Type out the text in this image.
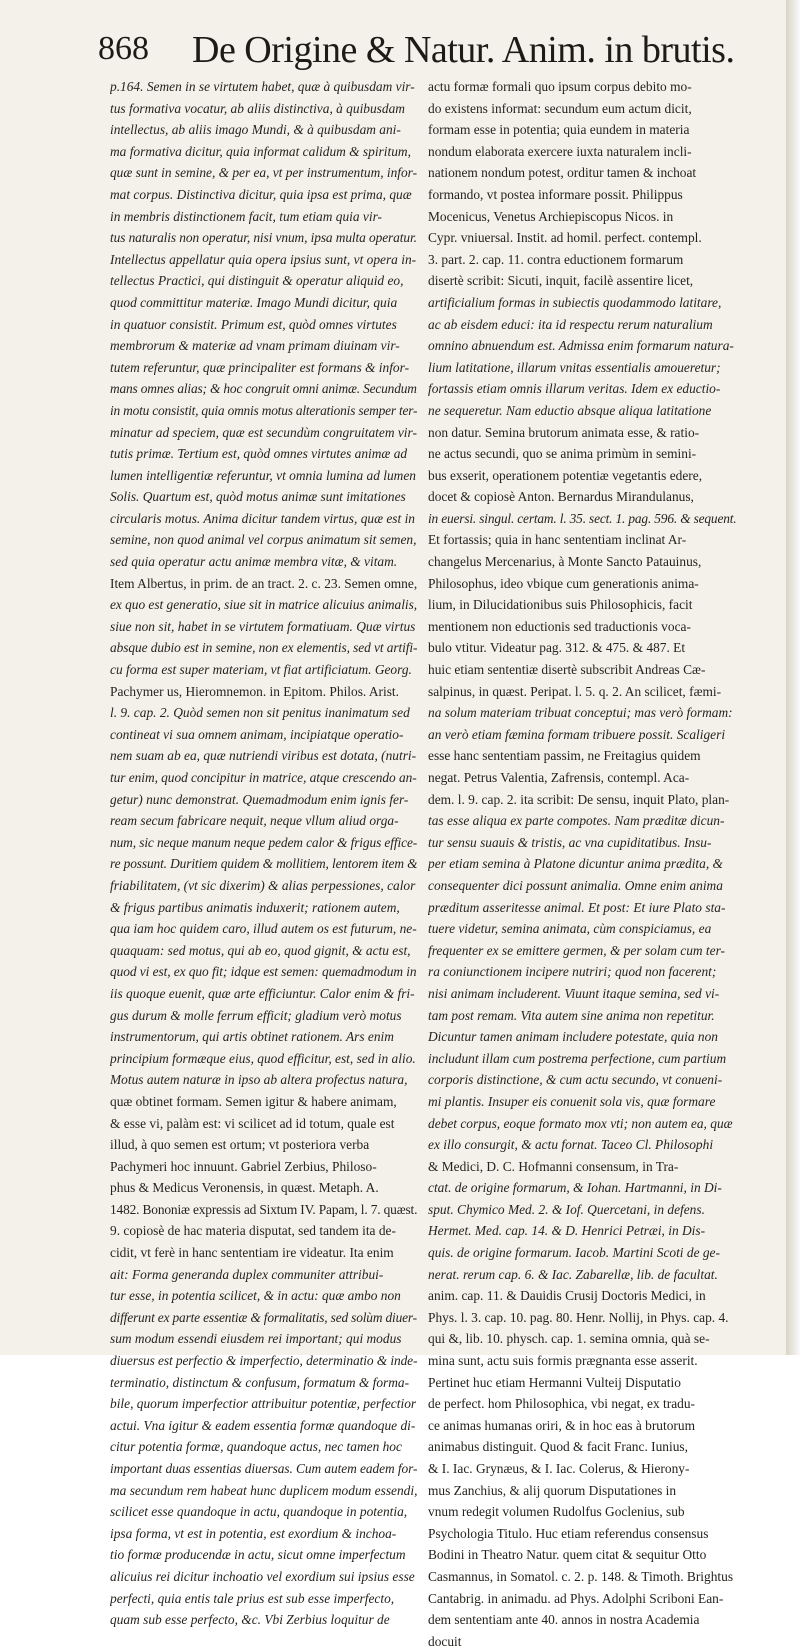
868 De Origine & Natur. Anim. in brutis.
p.164. Semen in se virtutem habet, quæ à quibusdam vir-
tus formativa vocatur, ab aliis distinctiva, à quibusdam
intellectus, ab aliis imago Mundi, & à quibusdam ani-
ma formativa dicitur, quia informat calidum & spiritum,
quæ sunt in semine, & per ea, vt per instrumentum, infor-
mat corpus. Distinctiva dicitur, quia ipsa est prima, quæ
in membris distinctionem facit, tum etiam quia vir-
tus naturalis non operatur, nisi vnum, ipsa multa operatur.
Intellectus appellatur quia opera ipsius sunt, vt opera in-
tellectus Practici, qui distinguit & operatur aliquid eo,
quod committitur materiæ. Imago Mundi dicitur, quia
in quatuor consistit. Primum est, quòd omnes virtutes
membrorum & materiæ ad vnam primam diuinam vir-
tutem referuntur, quæ principaliter est formans & infor-
mans omnes alias; & hoc congruit omni animæ. Secundum
in motu consistit, quia omnis motus alterationis semper ter-
minatur ad speciem, quæ est secundùm congruitatem vir-
tutis primæ. Tertium est, quòd omnes virtutes animæ ad
lumen intelligentiæ referuntur, vt omnia lumina ad lumen
Solis. Quartum est, quòd motus animæ sunt imitationes
circularis motus. Anima dicitur tandem virtus, quæ est in
semine, non quod animal vel corpus animatum sit semen,
sed quia operatur actu animæ membra vitæ, & vitam.
Item Albertus, in prim. de an tract. 2. c. 23. Semen omne,
ex quo est generatio, siue sit in matrice alicuius animalis,
siue non sit, habet in se virtutem formatiuam. Quæ virtus
absque dubio est in semine, non ex elementis, sed vt artifi-
cu forma est super materiam, vt fiat artificiatum. Georg.
Pachymer us, Hieromnemon. in Epitom. Philos. Arist.
l. 9. cap. 2. Quòd semen non sit penitus inanimatum sed
contineat vi sua omnem animam, incipiatque operatio-
nem suam ab ea, quæ nutriendi viribus est dotata, (nutri-
tur enim, quod concipitur in matrice, atque crescendo an-
getur) nunc demonstrat. Quemadmodum enim ignis fer-
ream secum fabricare nequit, neque vllum aliud orga-
num, sic neque manum neque pedem calor & frigus effice-
re possunt. Duritiem quidem & mollitiem, lentorem item &
friabilitatem, (vt sic dixerim) & alias perpessiones, calor
& frigus partibus animatis induxerit; rationem autem,
qua iam hoc quidem caro, illud autem os est futurum, ne-
quaquam: sed motus, qui ab eo, quod gignit, & actu est,
quod vi est, ex quo fit; idque est semen: quemadmodum in
iis quoque euenit, quæ arte efficiuntur. Calor enim & fri-
gus durum & molle ferrum efficit; gladium verò motus
instrumentorum, qui artis obtinet rationem. Ars enim
principium formæque eius, quod efficitur, est, sed in alio.
Motus autem naturæ in ipso ab altera profectus natura,
quæ obtinet formam. Semen igitur & habere animam,
& esse vi, palàm est: vi scilicet ad id totum, quale est
illud, à quo semen est ortum; vt posteriora verba
Pachymeri hoc innuunt. Gabriel Zerbius, Philoso-
phus & Medicus Veronensis, in quæst. Metaph. A.
1482. Bononiæ expressis ad Sixtum IV. Papam, l. 7. quæst.
9. copiosè de hac materia disputat, sed tandem ita de-
cidit, vt ferè in hanc sententiam ire videatur. Ita enim
ait: Forma generanda duplex communiter attribui-
tur esse, in potentia scilicet, & in actu: quæ ambo non
differunt ex parte essentiæ & formalitatis, sed solùm diuer-
sum modum essendi eiusdem rei important; qui modus
diuersus est perfectio & imperfectio, determinatio & inde-
terminatio, distinctum & confusum, formatum & forma-
bile, quorum imperfectior attribuitur potentiæ, perfectior
actui. Vna igitur & eadem essentia formæ quandoque di-
citur potentia formæ, quandoque actus, nec tamen hoc
important duas essentias diuersas. Cum autem eadem for-
ma secundum rem habeat hunc duplicem modum essendi,
scilicet esse quandoque in actu, quandoque in potentia,
ipsa forma, vt est in potentia, est exordium & inchoa-
tio formæ producendæ in actu, sicut omne imperfectum
alicuius rei dicitur inchoatio vel exordium sui ipsius esse
perfecti, quia entis tale prius est sub esse imperfecto,
quam sub esse perfecto, &c. Vbi Zerbius loquitur de
actu formæ formali quo ipsum corpus debito mo-
do existens informat: secundum eum actum dicit,
formam esse in potentia; quia eundem in materia
nondum elaborata exercere iuxta naturalem incli-
nationem nondum potest, orditur tamen & inchoat
formando, vt postea informare possit. Philippus
Mocenicus, Venetus Archiepiscopus Nicos. in
Cypr. vniuersal. Instit. ad homil. perfect. contempl.
3. part. 2. cap. 11. contra eductionem formarum
disertè scribit: Sicuti, inquit, facilè assentire licet,
artificialium formas in subiectis quodammodo latitare,
ac ab eisdem educi: ita id respectu rerum naturalium
omnino abnuendum est. Admissa enim formarum natura-
lium latitatione, illarum vnitas essentialis amoueretur;
fortassis etiam omnis illarum veritas. Idem ex eductio-
ne sequeretur. Nam eductio absque aliqua latitatione
non datur. Semina brutorum animata esse, & ratio-
ne actus secundi, quo se anima primùm in semini-
bus exserit, operationem potentiæ vegetantis edere,
docet & copiosè Anton. Bernardus Mirandulanus,
in euersi. singul. certam. l. 35. sect. 1. pag. 596. & sequent.
Et fortassis; quia in hanc sententiam inclinat Ar-
changelus Mercenarius, à Monte Sancto Patauinus,
Philosophus, ideo vbique cum generationis anima-
lium, in Dilucidationibus suis Philosophicis, facit
mentionem non eductionis sed traductionis voca-
bulo vtitur. Videatur pag. 312. & 475. & 487. Et
huic etiam sententiæ disertè subscribit Andreas Cæ-
salpinus, in quæst. Peripat. l. 5. q. 2. An scilicet, fæmi-
na solum materiam tribuat conceptui; mas verò formam:
an verò etiam fæmina formam tribuere possit. Scaligeri
esse hanc sententiam passim, ne Freitagius quidem
negat. Petrus Valentia, Zafrensis, contempl. Aca-
dem. l. 9. cap. 2. ita scribit: De sensu, inquit Plato, plan-
tas esse aliqua ex parte compotes. Nam præditæ dicun-
tur sensu suauis & tristis, ac vna cupiditatibus. Insu-
per etiam semina à Platone dicuntur anima prædita, &
consequenter dici possunt animalia. Omne enim anima
præditum asseritesse animal. Et post: Et iure Plato sta-
tuere videtur, semina animata, cùm conspiciamus, ea
frequenter ex se emittere germen, & per solam cum ter-
ra coniunctionem incipere nutriri; quod non facerent;
nisi animam includerent. Viuunt itaque semina, sed vi-
tam post remam. Vita autem sine anima non repetitur.
Dicuntur tamen animam includere potestate, quia non
includunt illam cum postrema perfectione, cum partium
corporis distinctione, & cum actu secundo, vt conueni-
mi plantis. Insuper eis conuenit sola vis, quæ formare
debet corpus, eoque formato mox vti; non autem ea, quæ
ex illo consurgit, & actu fornat. Taceo Cl. Philosophi
& Medici, D. C. Hofmanni consensum, in Tra-
ctat. de origine formarum, & Iohan. Hartmanni, in Di-
sput. Chymico Med. 2. & Iof. Quercetani, in defens.
Hermet. Med. cap. 14. & D. Henrici Petræi, in Dis-
quis. de origine formarum. Iacob. Martini Scoti de ge-
nerat. rerum cap. 6. & Iac. Zabarellæ, lib. de facultat.
anim. cap. 11. & Dauidis Crusij Doctoris Medici, in
Phys. l. 3. cap. 10. pag. 80. Henr. Nollij, in Phys. cap. 4.
qui &, lib. 10. physch. cap. 1. semina omnia, quà se-
mina sunt, actu suis formis prægnanta esse asserit.
Pertinet huc etiam Hermanni Vulteij Disputatio
de perfect. hom Philosophica, vbi negat, ex tradu-
ce animas humanas oriri, & in hoc eas à brutorum
animabus distinguit. Quod & facit Franc. Iunius,
& I. Iac. Grynæus, & I. Iac. Colerus, & Hierony-
mus Zanchius, & alij quorum Disputationes in
vnum redegit volumen Rudolfus Goclenius, sub
Psychologia Titulo. Huc etiam referendus consensus
Bodini in Theatro Natur. quem citat & sequitur Otto
Casmannus, in Somatol. c. 2. p. 148. & Timoth. Brightus
Cantabrig. in animadu. ad Phys. Adolphi Scriboni Ean-
dem sententiam ante 40. annos in nostra Academia
docuit
